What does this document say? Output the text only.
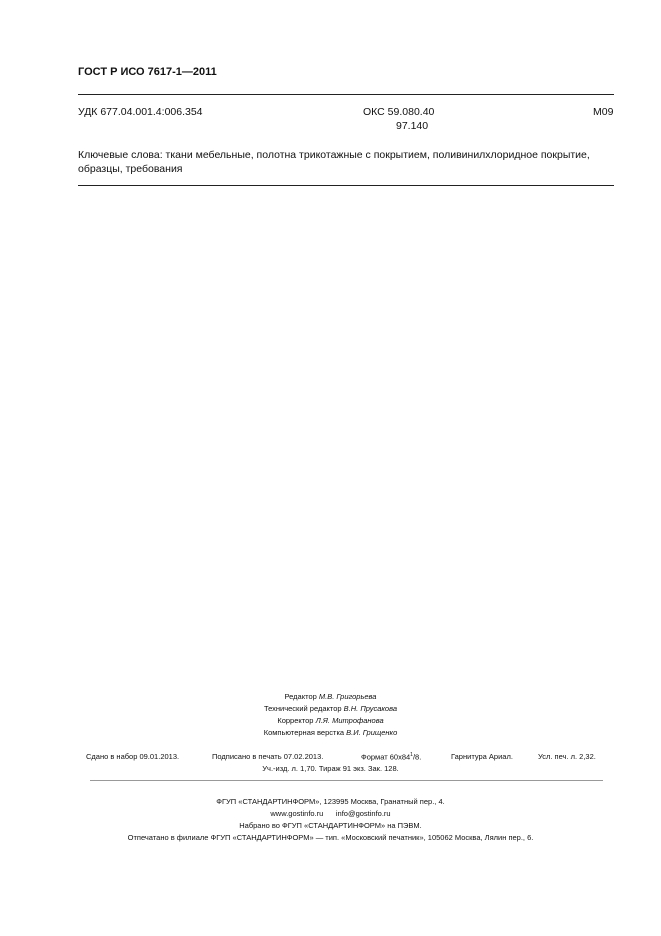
ГОСТ Р ИСО 7617-1—2011
УДК 677.04.001.4:006.354	ОКС 59.080.40
97.140
М09
Ключевые слова: ткани мебельные, полотна трикотажные с покрытием, поливинилхлоридное покрытие, образцы, требования
Редактор М.В. Григорьева
Технический редактор В.Н. Прусакова
Корректор Л.Я. Митрофанова
Компьютерная верстка В.И. Грищенко
Сдано в набор 09.01.2013.	Подписано в печать 07.02.2013.	Формат $60х84^1/8$.	Гарнитура Ариал.	Усл. печ. л. 2,32.
Уч.-изд. л. 1,70. Тираж 91 экз. Зак. 128.
ФГУП «СТАНДАРТИНФОРМ», 123995 Москва, Гранатный пер., 4.
www.gostinfo.ru info@gostinfo.ru
Набрано во ФГУП «СТАНДАРТИНФОРМ» на ПЭВМ.
Отпечатано в филиале ФГУП «СТАНДАРТИНФОРМ» — тип. «Московский печатник», 105062 Москва, Лялин пер., 6.
